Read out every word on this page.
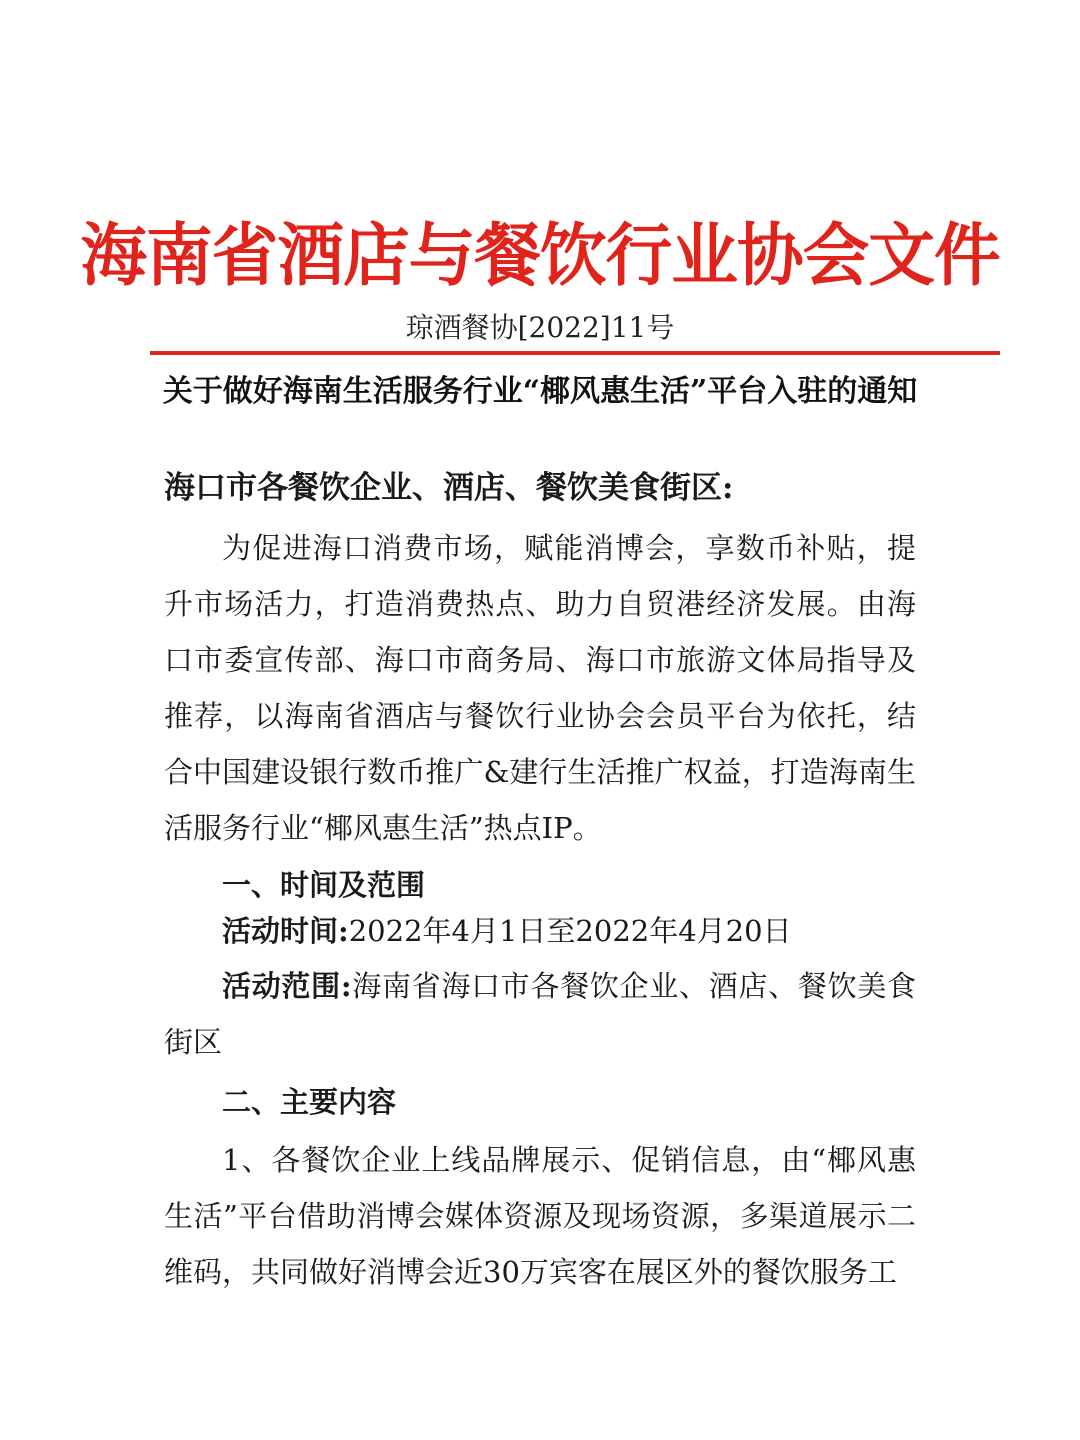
海南省酒店与餐饮行业协会文件
琼酒餐协[2022]11号
关于做好海南生活服务行业“椰风惠生活”平台入驻的通知
海口市各餐饮企业、酒店、餐饮美食街区:
为促进海口消费市场，赋能消博会，享数币补贴，提升市场活力，打造消费热点、助力自贸港经济发展。由海口市委宣传部、海口市商务局、海口市旅游文体局指导及推荐，以海南省酒店与餐饮行业协会会员平台为依托，结合中国建设银行数币推广&建行生活推广权益，打造海南生活服务行业“椰风惠生活”热点IP。
一、时间及范围
活动时间:2022年4月1日至2022年4月20日
活动范围:海南省海口市各餐饮企业、酒店、餐饮美食街区
二、主要内容
1、各餐饮企业上线品牌展示、促销信息，由“椰风惠生活”平台借助消博会媒体资源及现场资源，多渠道展示二维码，共同做好消博会近30万宾客在展区外的餐饮服务工
